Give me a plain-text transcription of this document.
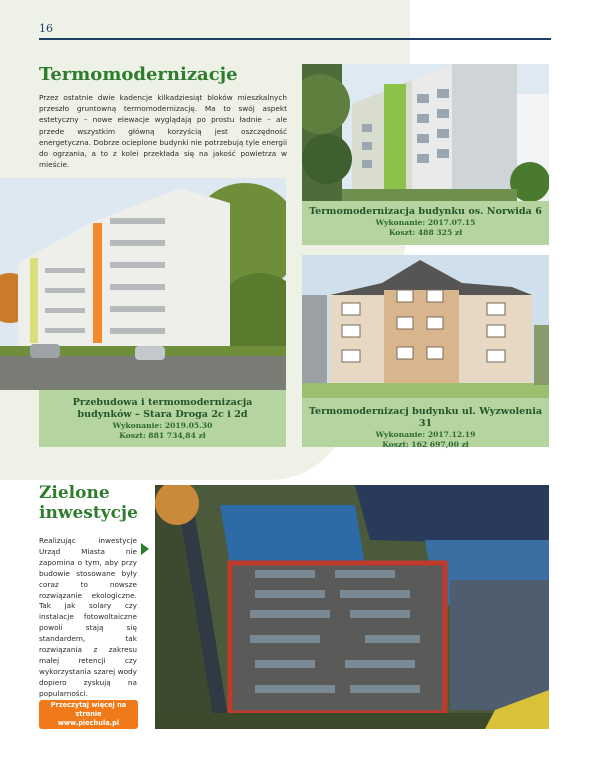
16
Termomodernizacje
Przez ostatnie dwie kadencje kilkadziesiąt bloków mieszkalnych przeszło gruntowną termomodernizację. Ma to swój aspekt estetyczny – nowe elewacje wyglądają po prostu ładnie – ale przede wszystkim główną korzyścią jest oszczędność energetyczna. Dobrze ocieplone budynki nie potrzebują tyle energii do ogrzania, a to z kolei przekłada się na jakość powietrza w mieście.
Termomodernizacja budynku os. Norwida 6
Wykonanie: 2017.07.15
Koszt: 488 325 zł
Przebudowa i termomodernizacja budynków – Stara Droga 2c i 2d
Wykonanie: 2019.05.30
Koszt: 881 734,84 zł
Termomodernizacj budynku ul. Wyzwolenia 31
Wykonanie: 2017.12.19
Koszt: 162 697,00 zł
Zielone inwestycje
Realizując inwestycje Urząd Miasta nie zapomina o tym, aby przy budowie stosowane były coraz to nowsze rozwiązanie ekologiczne. Tak jak solary czy instalacje fotowoltaiczne powoli stają się standardem, tak rozwiązania z zakresu małej retencji czy wykorzystania szarej wody dopiero zyskują na popularności.
Przeczytaj więcej na stronie
www.piechula.pl
